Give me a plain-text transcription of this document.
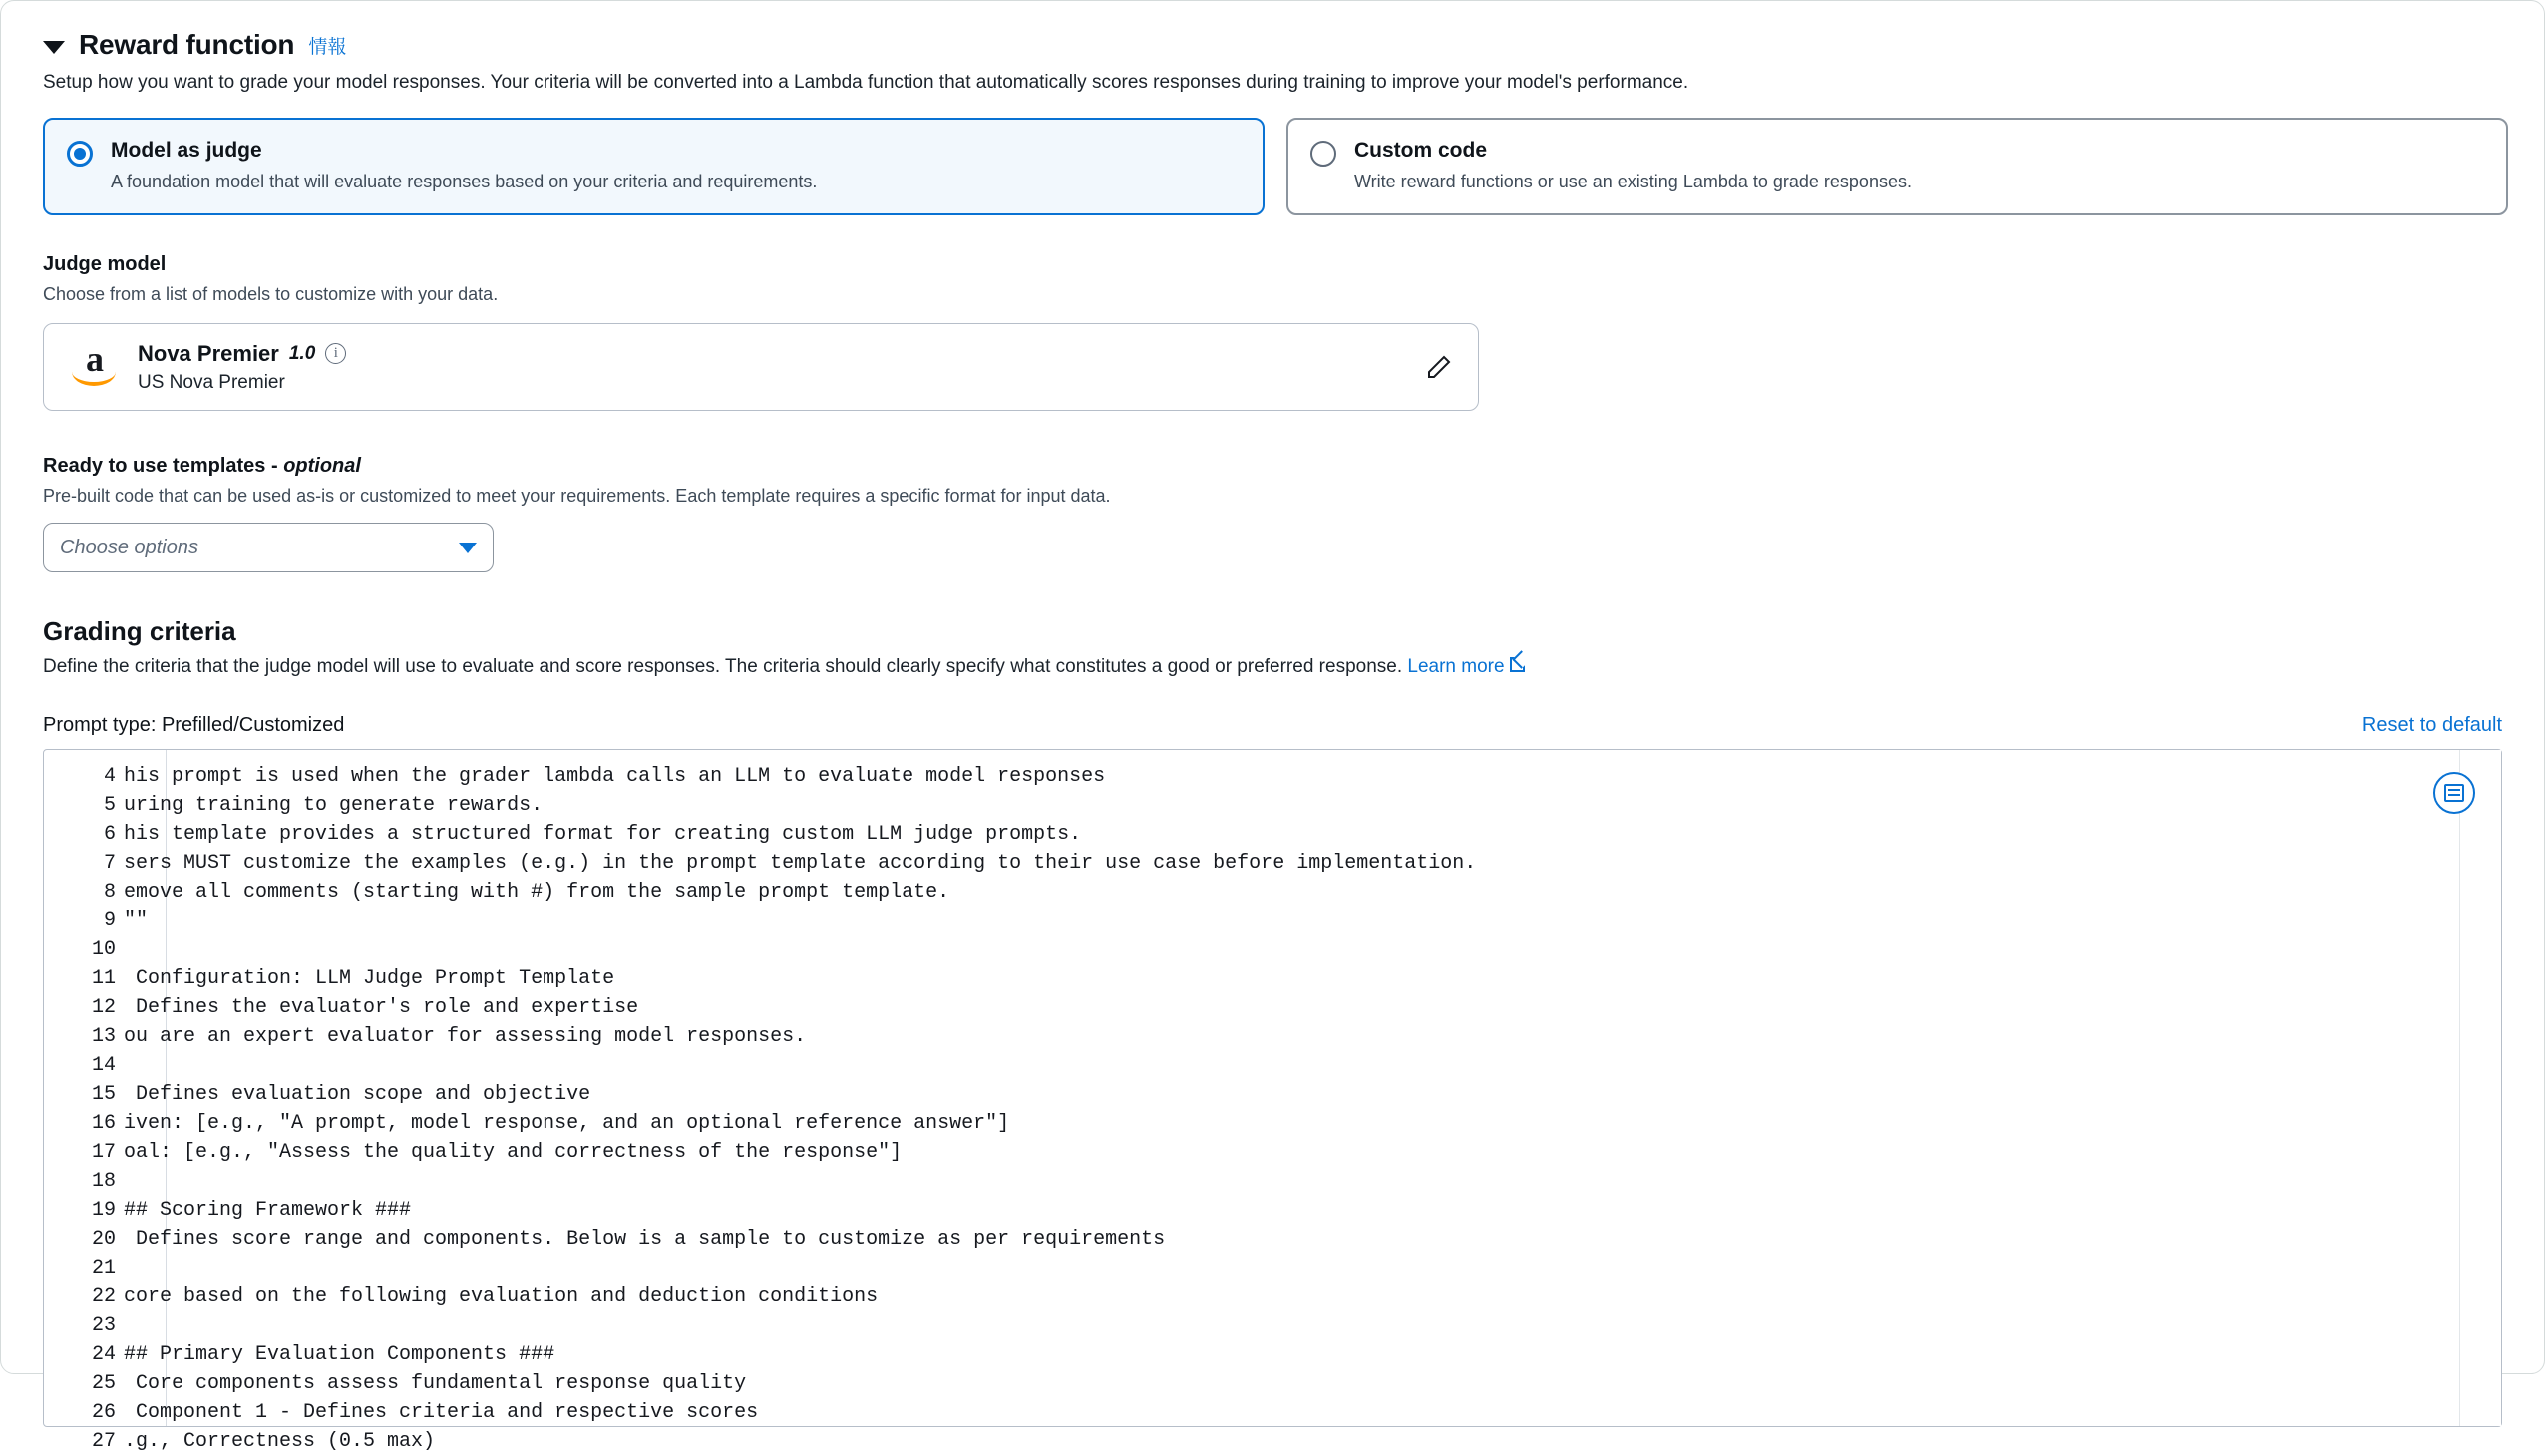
Reward function 情報
Setup how you want to grade your model responses. Your criteria will be converted into a Lambda function that automatically scores responses during training to improve your model's performance.
Model as judge
A foundation model that will evaluate responses based on your criteria and requirements.
Custom code
Write reward functions or use an existing Lambda to grade responses.
Judge model
Choose from a list of models to customize with your data.
a	Nova Premier 1.0	i
US Nova Premier
Ready to use templates - optional
Pre-built code that can be used as-is or customized to meet your requirements. Each template requires a specific format for input data.
Choose options
Grading criteria
Define the criteria that the judge model will use to evaluate and score responses. The criteria should clearly specify what constitutes a good or preferred response. Learn more
Prompt type: Prefilled/Customized	Reset to default
4 his prompt is used when the grader lambda calls an LLM to evaluate model responses
5 uring training to generate rewards.
6 his template provides a structured format for creating custom LLM judge prompts.
7 sers MUST customize the examples (e.g.) in the prompt template according to their use case before implementation.
8 emove all comments (starting with #) from the sample prompt template.
9 ""
10
11 Configuration: LLM Judge Prompt Template
12 Defines the evaluator's role and expertise
13 ou are an expert evaluator for assessing model responses.
14
15 Defines evaluation scope and objective
16 iven: [e.g., "A prompt, model response, and an optional reference answer"]
17 oal: [e.g., "Assess the quality and correctness of the response"]
18
19 ## Scoring Framework ###
20 Defines score range and components. Below is a sample to customize as per requirements
21
22 core based on the following evaluation and deduction conditions
23
24 ## Primary Evaluation Components ###
25 Core components assess fundamental response quality
26 Component 1 - Defines criteria and respective scores
27 .g., Correctness (0.5 max)
